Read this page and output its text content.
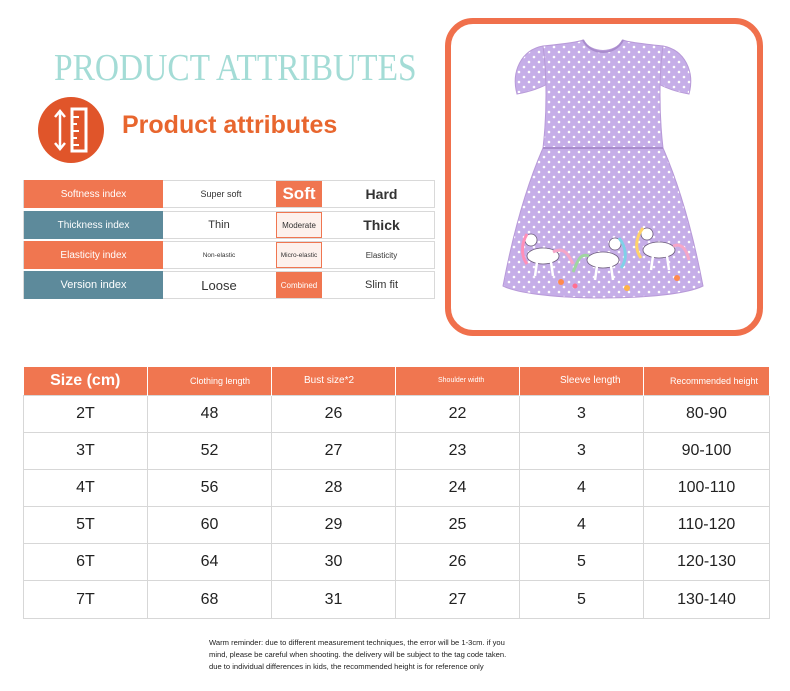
PRODUCT ATTRIBUTES
Product attributes
Softness index	Super soft	Soft	Hard
Thickness index	Thin	Moderate	Thick
Elasticity index	Non-elastic	Micro-elastic	Elasticity
Version index	Loose	Combined	Slim fit
Size (cm)	Clothing length	Bust size*2	Shoulder width	Sleeve length	Recommended height
2T	48	26	22	3	80-90
3T	52	27	23	3	90-100
4T	56	28	24	4	100-110
5T	60	29	25	4	110-120
6T	64	30	26	5	120-130
7T	68	31	27	5	130-140
Warm reminder: due to different measurement techniques, the error will be 1-3cm. if you
mind, please be careful when shooting. the delivery will be subject to the tag code taken.
due to individual differences in kids, the recommended height is for reference only
